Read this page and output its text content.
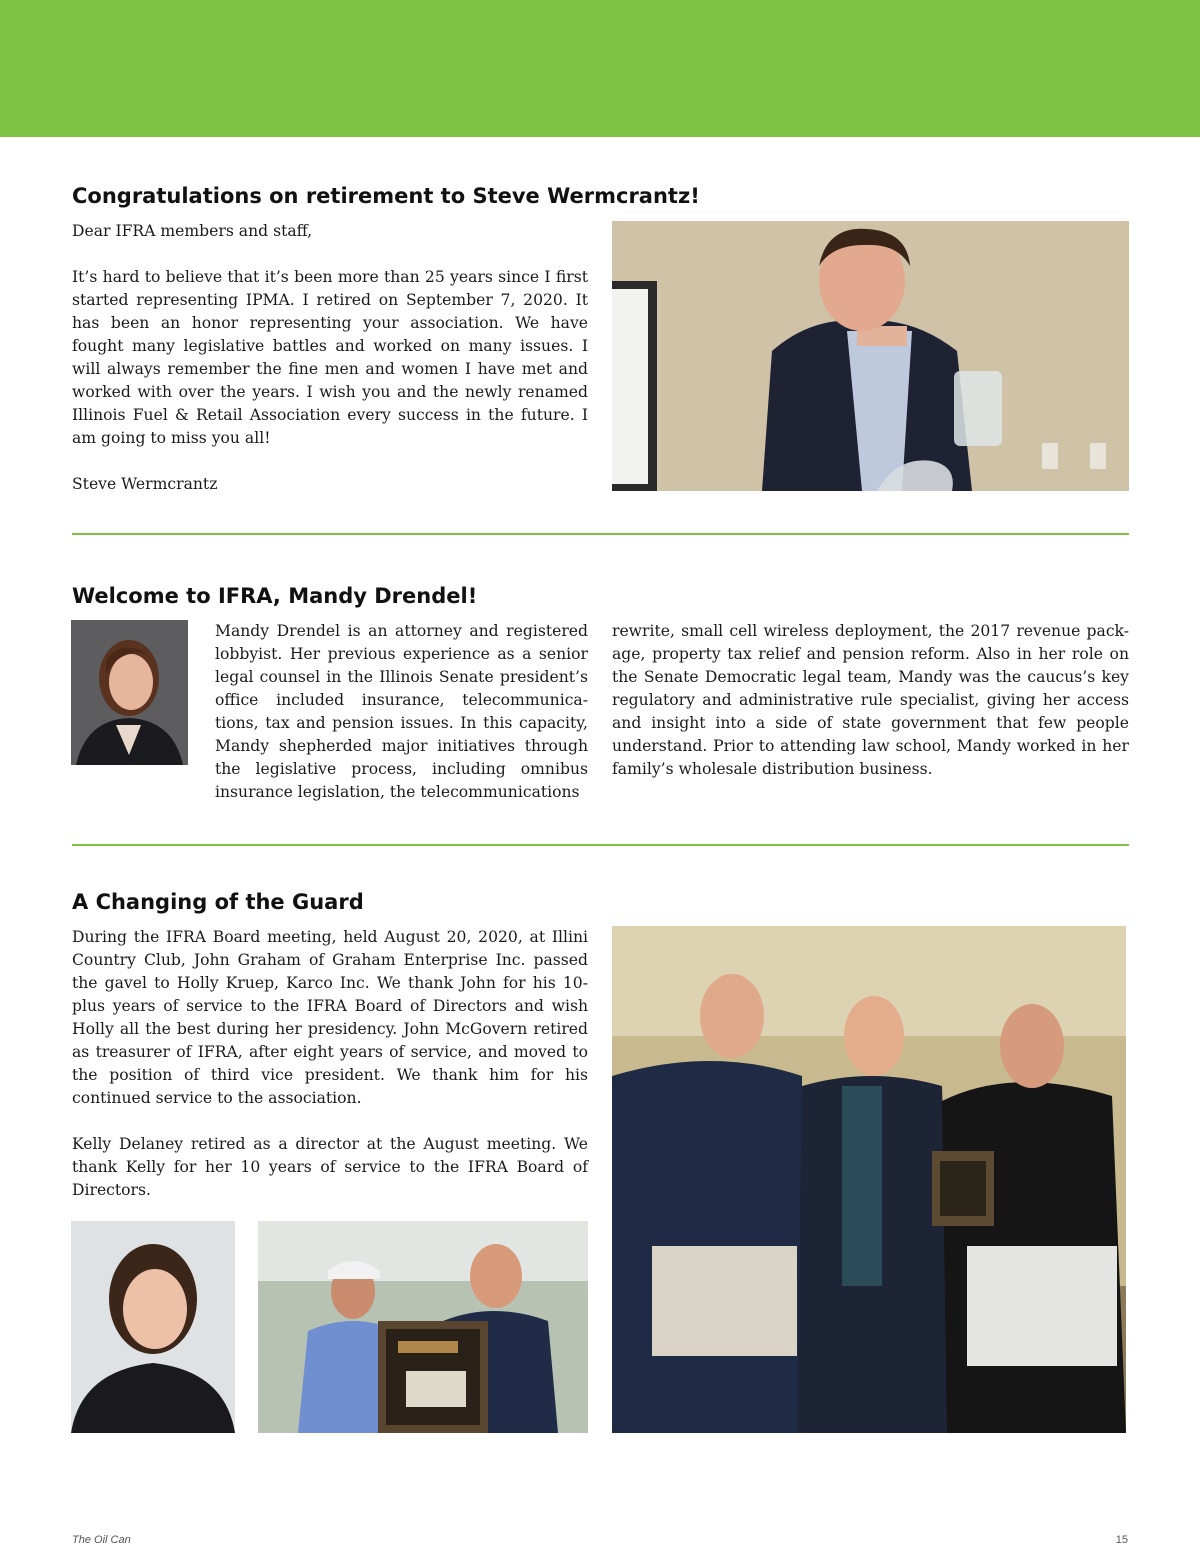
Congratulations on retirement to Steve Wermcrantz!

Dear IFRA members and staff,

It’s hard to believe that it’s been more than 25 years since I first started representing IPMA. I retired on September 7, 2020. It has been an honor representing your association. We have fought many legislative battles and worked on many issues. I will always remember the fine men and women I have met and worked with over the years. I wish you and the newly renamed Illinois Fuel & Retail Association every success in the future. I am going to miss you all!

Steve Wermcrantz

Welcome to IFRA, Mandy Drendel!

Mandy Drendel is an attorney and registered lobbyist. Her previous experience as a senior legal counsel in the Illinois Senate president’s office included insurance, telecommunica-tions, tax and pension issues. In this capacity, Mandy shepherded major initiatives through the legislative process, including omnibus insurance legislation, the telecommunications

rewrite, small cell wireless deployment, the 2017 revenue pack-age, property tax relief and pension reform. Also in her role on the Senate Democratic legal team, Mandy was the caucus’s key regulatory and administrative rule specialist, giving her access and insight into a side of state government that few people understand. Prior to attending law school, Mandy worked in her family’s wholesale distribution business.

A Changing of the Guard

During the IFRA Board meeting, held August 20, 2020, at Illini Country Club, John Graham of Graham Enterprise Inc. passed the gavel to Holly Kruep, Karco Inc. We thank John for his 10-plus years of service to the IFRA Board of Directors and wish Holly all the best during her presidency. John McGovern retired as treasurer of IFRA, after eight years of service, and moved to the position of third vice president. We thank him for his continued service to the association.

Kelly Delaney retired as a director at the August meeting. We thank Kelly for her 10 years of service to the IFRA Board of Directors.

The Oil Can	15
